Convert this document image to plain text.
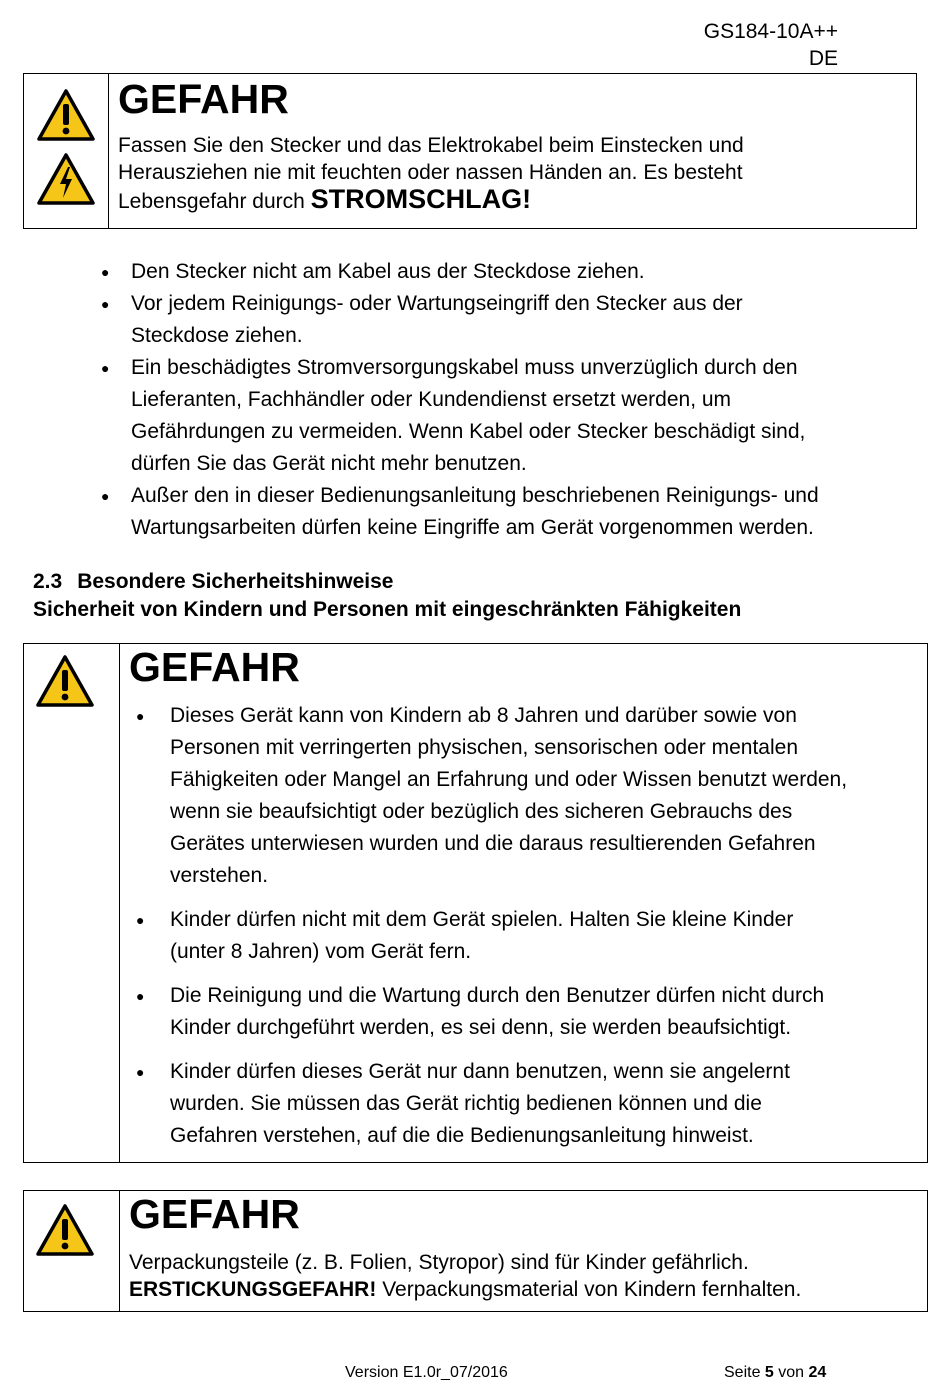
GS184-10A++
DE
GEFAHR
Fassen Sie den Stecker und das Elektrokabel beim Einstecken und
Herausziehen nie mit feuchten oder nassen Händen an. Es besteht
Lebensgefahr durch STROMSCHLAG!
● Den Stecker nicht am Kabel aus der Steckdose ziehen.
● Vor jedem Reinigungs- oder Wartungseingriff den Stecker aus der
Steckdose ziehen.
● Ein beschädigtes Stromversorgungskabel muss unverzüglich durch den
Lieferanten, Fachhändler oder Kundendienst ersetzt werden, um
Gefährdungen zu vermeiden. Wenn Kabel oder Stecker beschädigt sind,
dürfen Sie das Gerät nicht mehr benutzen.
● Außer den in dieser Bedienungsanleitung beschriebenen Reinigungs- und
Wartungsarbeiten dürfen keine Eingriffe am Gerät vorgenommen werden.
2.3 Besondere Sicherheitshinweise
Sicherheit von Kindern und Personen mit eingeschränkten Fähigkeiten
GEFAHR
● Dieses Gerät kann von Kindern ab 8 Jahren und darüber sowie von
Personen mit verringerten physischen, sensorischen oder mentalen
Fähigkeiten oder Mangel an Erfahrung und oder Wissen benutzt werden,
wenn sie beaufsichtigt oder bezüglich des sicheren Gebrauchs des
Gerätes unterwiesen wurden und die daraus resultierenden Gefahren
verstehen.
● Kinder dürfen nicht mit dem Gerät spielen. Halten Sie kleine Kinder
(unter 8 Jahren) vom Gerät fern.
● Die Reinigung und die Wartung durch den Benutzer dürfen nicht durch
Kinder durchgeführt werden, es sei denn, sie werden beaufsichtigt.
● Kinder dürfen dieses Gerät nur dann benutzen, wenn sie angelernt
wurden. Sie müssen das Gerät richtig bedienen können und die
Gefahren verstehen, auf die die Bedienungsanleitung hinweist.
GEFAHR
Verpackungsteile (z. B. Folien, Styropor) sind für Kinder gefährlich.
ERSTICKUNGSGEFAHR! Verpackungsmaterial von Kindern fernhalten.
Version E1.0r_07/2016	Seite 5 von 24
